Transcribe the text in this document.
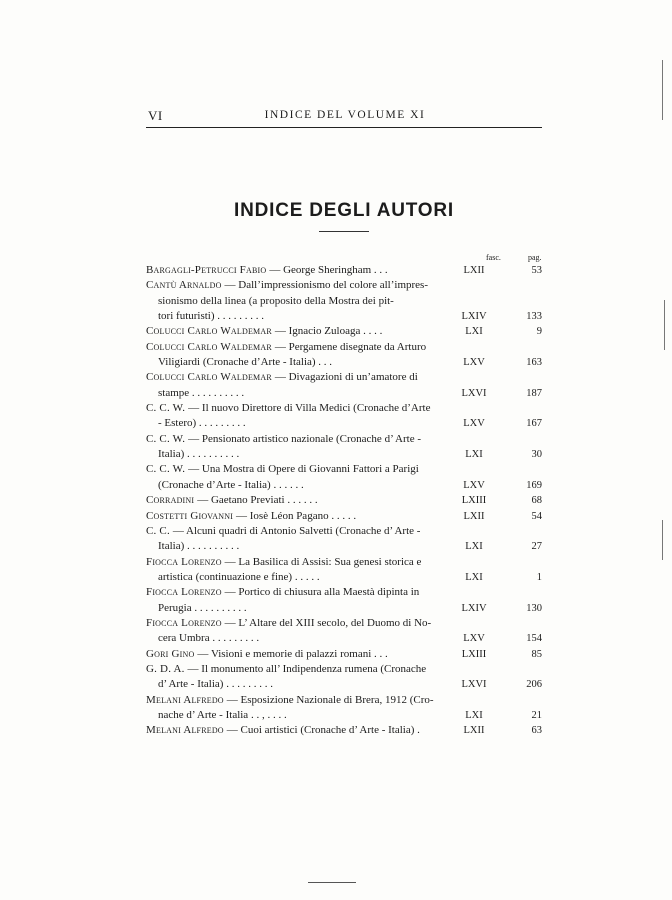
VI	INDICE DEL VOLUME XI
INDICE DEGLI AUTORI
fasc.	pag.
Bargagli-Petrucci Fabio — George Sheringham . . .	LXII	53
Cantù Arnaldo — Dall’impressionismo del colore all’impres-
sionismo della linea (a proposito della Mostra dei pit-
tori futuristi) . . . . . . . . .	LXIV	133
Colucci Carlo Waldemar — Ignacio Zuloaga . . . .	LXI	9
Colucci Carlo Waldemar — Pergamene disegnate da Arturo
Viligiardi (Cronache d’Arte - Italia) . . .	LXV	163
Colucci Carlo Waldemar — Divagazioni di un’amatore di
stampe . . . . . . . . . .	LXVI	187
C. C. W. — Il nuovo Direttore di Villa Medici (Cronache d’Arte
- Estero) . . . . . . . . .	LXV	167
C. C. W. — Pensionato artistico nazionale (Cronache d’ Arte -
Italia) . . . . . . . . . .	LXI	30
C. C. W. — Una Mostra di Opere di Giovanni Fattori a Parigi
(Cronache d’Arte - Italia) . . . . . .	LXV	169
Corradini — Gaetano Previati . . . . . .	LXIII	68
Costetti Giovanni — Iosè Léon Pagano . . . . .	LXII	54
C. C. — Alcuni quadri di Antonio Salvetti (Cronache d’ Arte -
Italia) . . . . . . . . . .	LXI	27
Fiocca Lorenzo — La Basilica di Assisi: Sua genesi storica e
artistica (continuazione e fine) . . . . .	LXI	1
Fiocca Lorenzo — Portico di chiusura alla Maestà dipinta in
Perugia . . . . . . . . . .	LXIV	130
Fiocca Lorenzo — L’ Altare del XIII secolo, del Duomo di No-
cera Umbra . . . . . . . . .	LXV	154
Gori Gino — Visioni e memorie di palazzi romani . . .	LXIII	85
G. D. A. — Il monumento all’ Indipendenza rumena (Cronache
d’ Arte - Italia) . . . . . . . . .	LXVI	206
Melani Alfredo — Esposizione Nazionale di Brera, 1912 (Cro-
nache d’ Arte - Italia . . , . . . .	LXI	21
Melani Alfredo — Cuoi artistici (Cronache d’ Arte - Italia) .	LXII	63
